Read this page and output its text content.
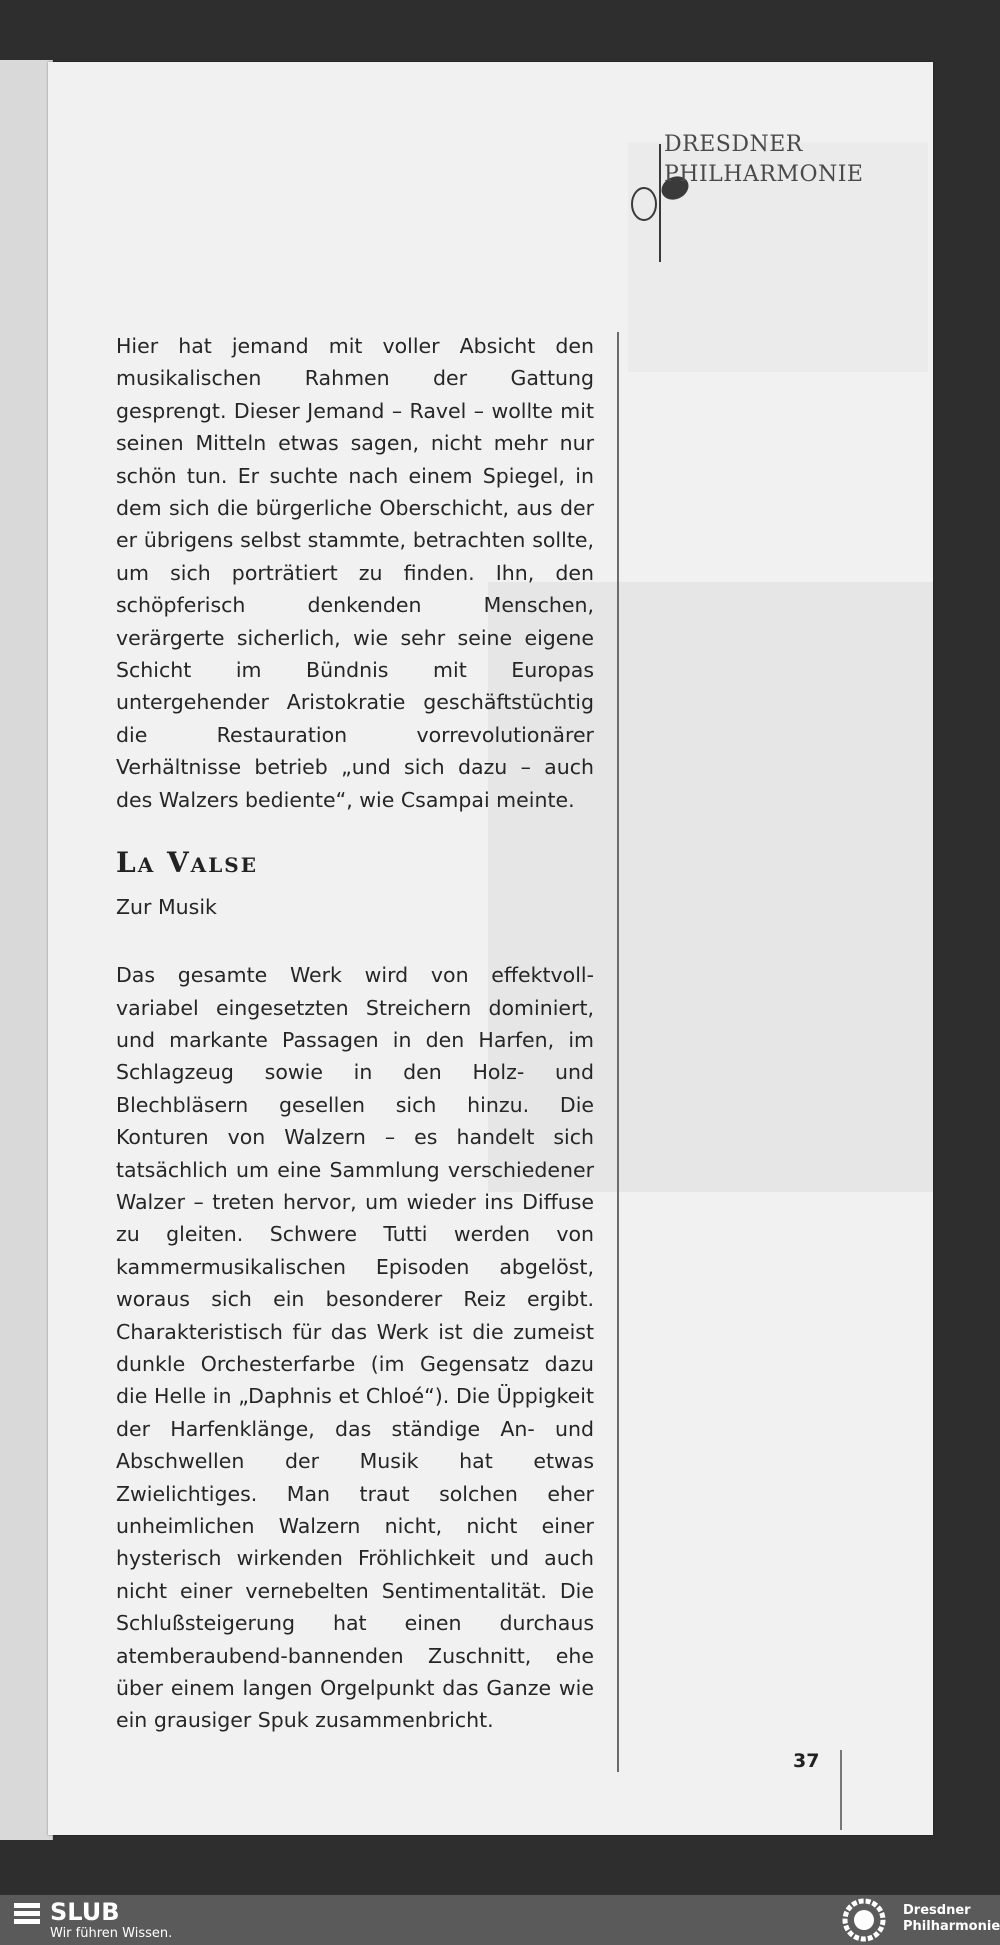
DRESDNER
PHILHARMONIE

Hier hat jemand mit voller Absicht den musikalischen Rahmen der Gattung gesprengt. Dieser Jemand – Ravel – wollte mit seinen Mitteln etwas sagen, nicht mehr nur schön tun. Er suchte nach einem Spiegel, in dem sich die bürgerliche Oberschicht, aus der er übrigens selbst stammte, betrachten sollte, um sich porträtiert zu finden. Ihn, den schöpferisch denkenden Menschen, verärgerte sicherlich, wie sehr seine eigene Schicht im Bündnis mit Europas untergehender Aristokratie geschäftstüchtig die Restauration vorrevolutionärer Verhältnisse betrieb „und sich dazu – auch des Walzers bediente“, wie Csampai meinte.

La Valse
Zur Musik

Das gesamte Werk wird von effektvoll-variabel eingesetzten Streichern dominiert, und markante Passagen in den Harfen, im Schlagzeug sowie in den Holz- und Blechbläsern gesellen sich hinzu. Die Konturen von Walzern – es handelt sich tatsächlich um eine Sammlung verschiedener Walzer – treten hervor, um wieder ins Diffuse zu gleiten. Schwere Tutti werden von kammermusikalischen Episoden abgelöst, woraus sich ein besonderer Reiz ergibt. Charakteristisch für das Werk ist die zumeist dunkle Orchesterfarbe (im Gegensatz dazu die Helle in „Daphnis et Chloé“). Die Üppigkeit der Harfenklänge, das ständige An- und Abschwellen der Musik hat etwas Zwielichtiges. Man traut solchen eher unheimlichen Walzern nicht, nicht einer hysterisch wirkenden Fröhlichkeit und auch nicht einer vernebelten Sentimentalität. Die Schlußsteigerung hat einen durchaus atemberaubend-bannenden Zuschnitt, ehe über einem langen Orgelpunkt das Ganze wie ein grausiger Spuk zusammenbricht.

37
SLUB
Wir führen Wissen.
Dresdner
Philharmonie
